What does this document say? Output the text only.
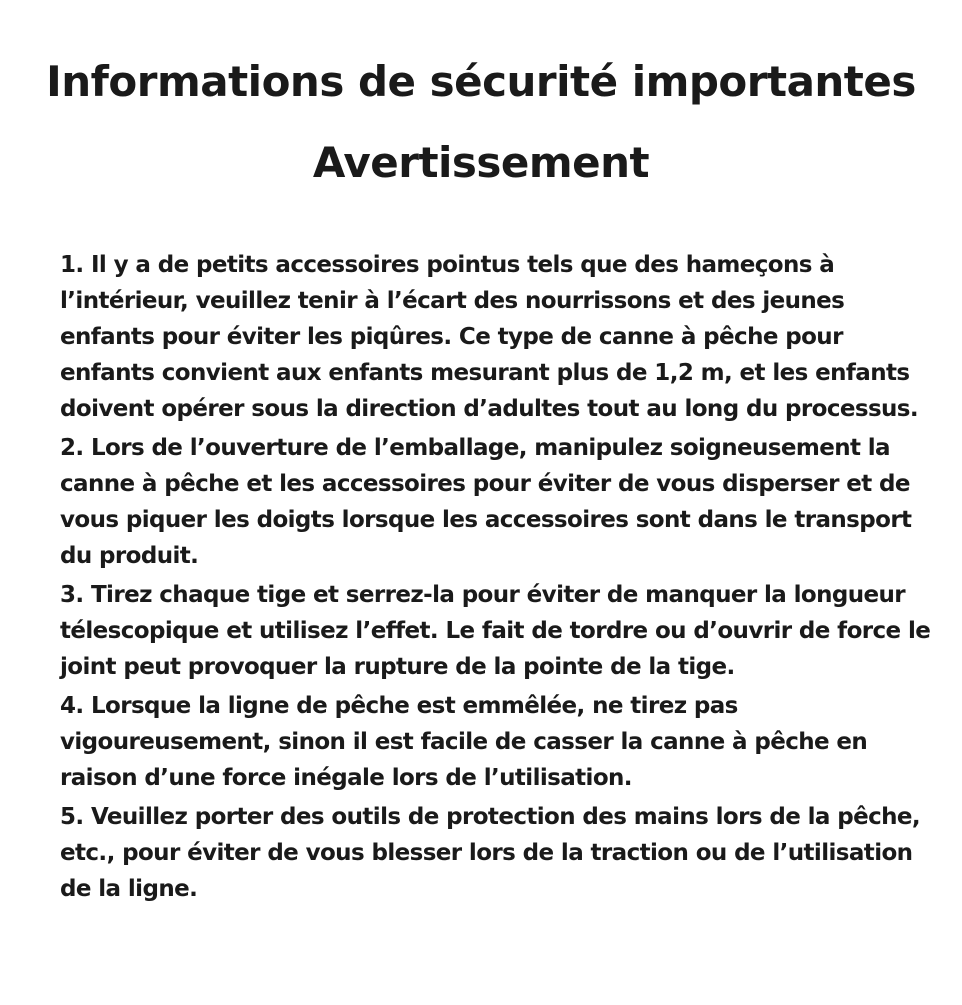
Informations de sécurité importantes
Avertissement
1. Il y a de petits accessoires pointus tels que des hameçons à
l’intérieur, veuillez tenir à l’écart des nourrissons et des jeunes
enfants pour éviter les piqûres. Ce type de canne à pêche pour
enfants convient aux enfants mesurant plus de 1,2 m, et les enfants
doivent opérer sous la direction d’adultes tout au long du processus.
2. Lors de l’ouverture de l’emballage, manipulez soigneusement la
canne à pêche et les accessoires pour éviter de vous disperser et de
vous piquer les doigts lorsque les accessoires sont dans le transport
du produit.
3. Tirez chaque tige et serrez-la pour éviter de manquer la longueur
télescopique et utilisez l’effet. Le fait de tordre ou d’ouvrir de force le
joint peut provoquer la rupture de la pointe de la tige.
4. Lorsque la ligne de pêche est emmêlée, ne tirez pas
vigoureusement, sinon il est facile de casser la canne à pêche en
raison d’une force inégale lors de l’utilisation.
5. Veuillez porter des outils de protection des mains lors de la pêche,
etc., pour éviter de vous blesser lors de la traction ou de l’utilisation
de la ligne.
